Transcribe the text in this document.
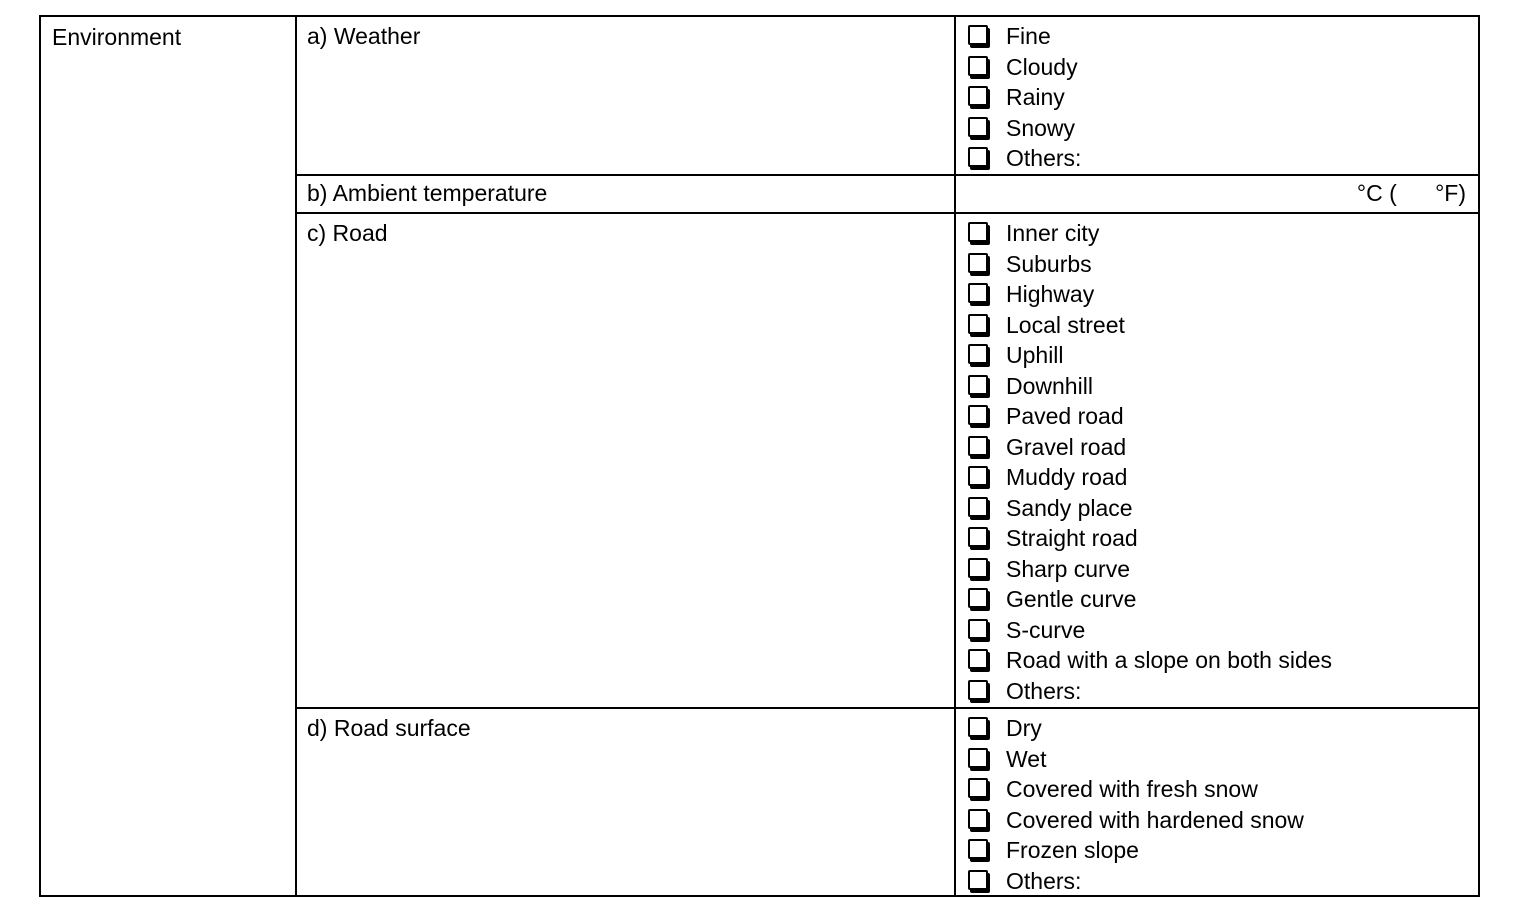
Environment	a) Weather	Fine
Cloudy
Rainy
Snowy
Others:
b) Ambient temperature	°C (      °F)
c) Road	Inner city
Suburbs
Highway
Local street
Uphill
Downhill
Paved road
Gravel road
Muddy road
Sandy place
Straight road
Sharp curve
Gentle curve
S-curve
Road with a slope on both sides
Others:
d) Road surface	Dry
Wet
Covered with fresh snow
Covered with hardened snow
Frozen slope
Others:
